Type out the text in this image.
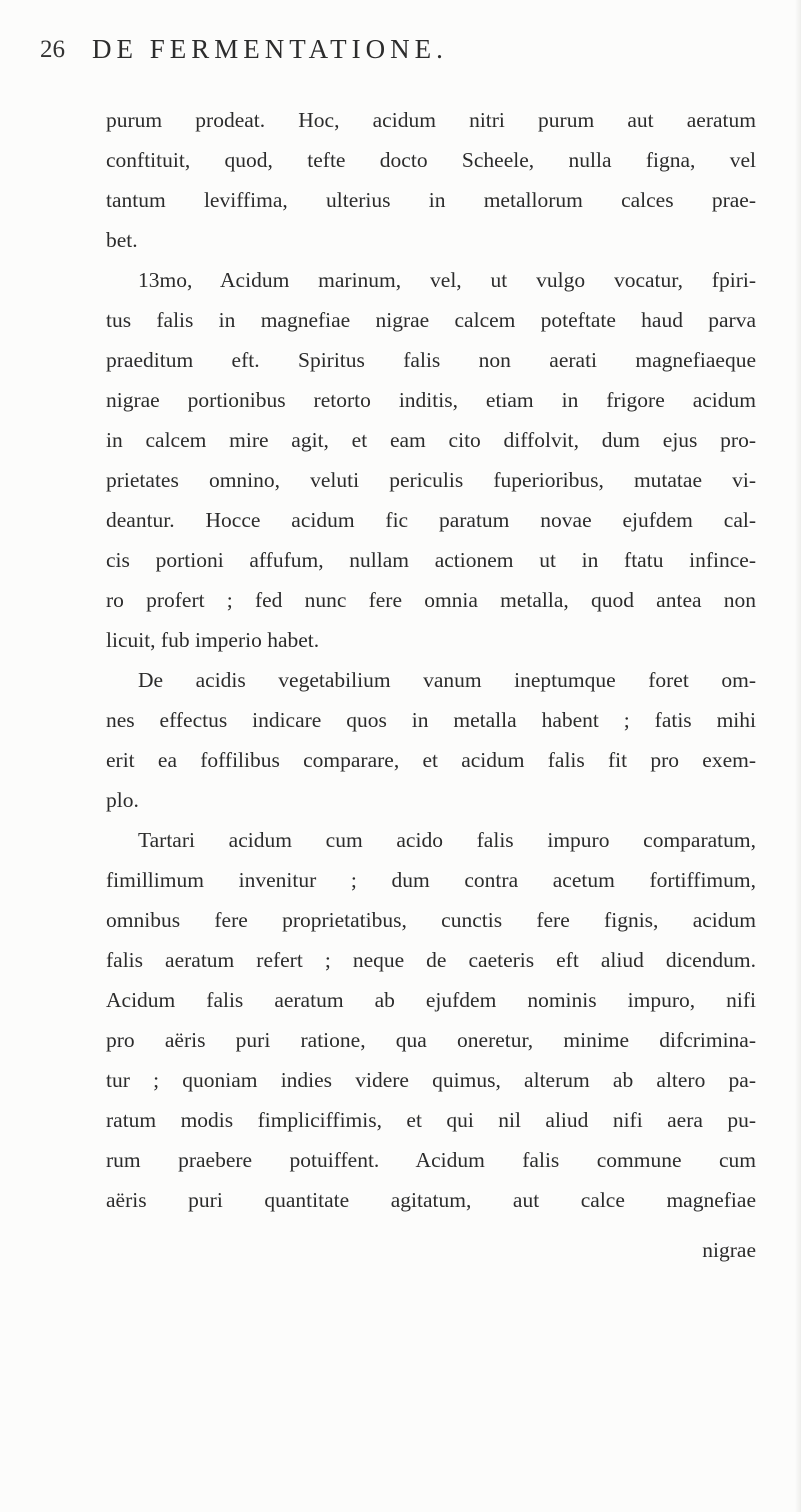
26 DE FERMENTATIONE.
purum prodeat. Hoc, acidum nitri purum aut aeratum
conftituit, quod, tefte docto Scheele, nulla figna, vel
tantum leviffima, ulterius in metallorum calces prae-
bet.
13mo, Acidum marinum, vel, ut vulgo vocatur, fpiri-
tus falis in magnefiae nigrae calcem poteftate haud parva
praeditum eft. Spiritus falis non aerati magnefiaeque
nigrae portionibus retorto inditis, etiam in frigore acidum
in calcem mire agit, et eam cito diffolvit, dum ejus pro-
prietates omnino, veluti periculis fuperioribus, mutatae vi-
deantur. Hocce acidum fic paratum novae ejufdem cal-
cis portioni affufum, nullam actionem ut in ftatu infince-
ro profert ; fed nunc fere omnia metalla, quod antea non
licuit, fub imperio habet.
De acidis vegetabilium vanum ineptumque foret om-
nes effectus indicare quos in metalla habent ; fatis mihi
erit ea foffilibus comparare, et acidum falis fit pro exem-
plo.
Tartari acidum cum acido falis impuro comparatum,
fimillimum invenitur ; dum contra acetum fortiffimum,
omnibus fere proprietatibus, cunctis fere fignis, acidum
falis aeratum refert ; neque de caeteris eft aliud dicendum.
Acidum falis aeratum ab ejufdem nominis impuro, nifi
pro aëris puri ratione, qua oneretur, minime difcrimina-
tur ; quoniam indies videre quimus, alterum ab altero pa-
ratum modis fimpliciffimis, et qui nil aliud nifi aera pu-
rum praebere potuiffent. Acidum falis commune cum
aëris puri quantitate agitatum, aut calce magnefiae
nigrae
